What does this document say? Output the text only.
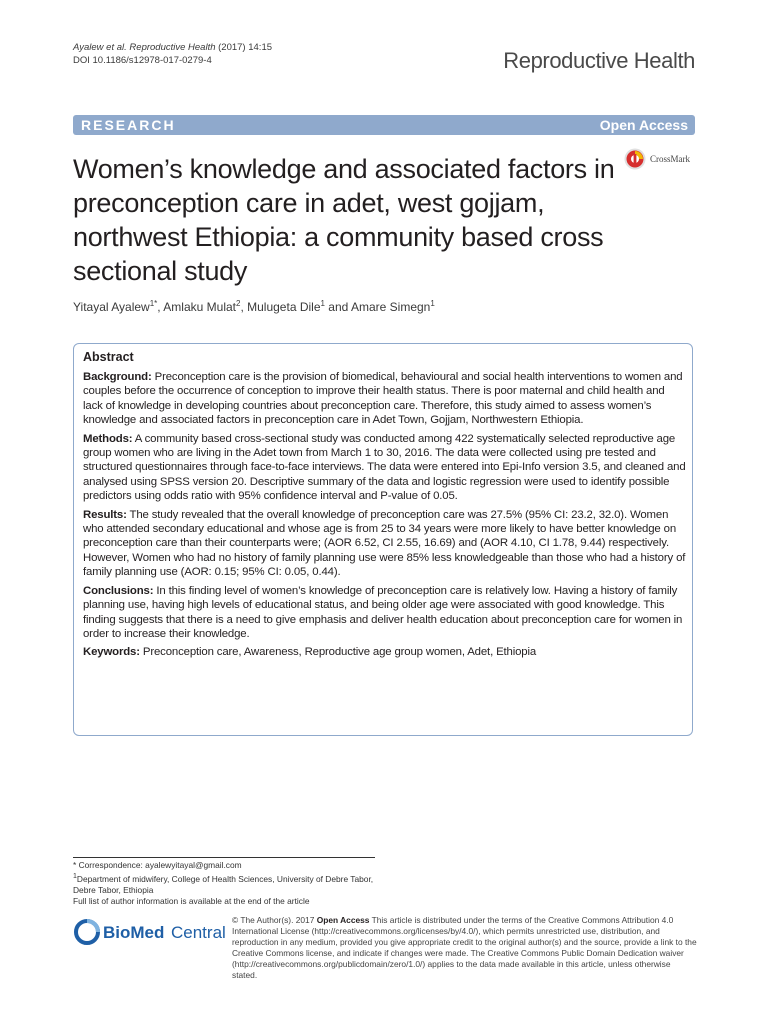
Ayalew et al. Reproductive Health (2017) 14:15
DOI 10.1186/s12978-017-0279-4	Reproductive Health
RESEARCH	Open Access
Women’s knowledge and associated factors in preconception care in adet, west gojjam, northwest Ethiopia: a community based cross sectional study
CrossMark
Yitayal Ayalew$^{1*}$, Amlaku Mulat$^2$, Mulugeta Dile$^1$ and Amare Simegn$^1$
Abstract

Background: Preconception care is the provision of biomedical, behavioural and social health interventions to women and couples before the occurrence of conception to improve their health status. There is poor maternal and child health and lack of knowledge in developing countries about preconception care. Therefore, this study aimed to assess women’s knowledge and associated factors in preconception care in Adet Town, Gojjam, Northwestern Ethiopia.

Methods: A community based cross-sectional study was conducted among 422 systematically selected reproductive age group women who are living in the Adet town from March 1 to 30, 2016. The data were collected using pre tested and structured questionnaires through face-to-face interviews. The data were entered into Epi-Info version 3.5, and cleaned and analysed using SPSS version 20. Descriptive summary of the data and logistic regression were used to identify possible predictors using odds ratio with 95% confidence interval and P-value of 0.05.

Results: The study revealed that the overall knowledge of preconception care was 27.5% (95% CI: 23.2, 32.0). Women who attended secondary educational and whose age is from 25 to 34 years were more likely to have better knowledge on preconception care than their counterparts were; (AOR 6.52, CI 2.55, 16.69) and (AOR 4.10, CI 1.78, 9.44) respectively. However, Women who had no history of family planning use were 85% less knowledgeable than those who had a history of family planning use (AOR: 0.15; 95% CI: 0.05, 0.44).

Conclusions: In this finding level of women’s knowledge of preconception care is relatively low. Having a history of family planning use, having high levels of educational status, and being older age were associated with good knowledge. This finding suggests that there is a need to give emphasis and deliver health education about preconception care for women in order to increase their knowledge.

Keywords: Preconception care, Awareness, Reproductive age group women, Adet, Ethiopia

* Correspondence: ayalewyitayal@gmail.com
$^1$Department of midwifery, College of Health Sciences, University of Debre Tabor, Debre Tabor, Ethiopia
Full list of author information is available at the end of the article
BioMed Central
© The Author(s). 2017 Open Access This article is distributed under the terms of the Creative Commons Attribution 4.0 International License (http://creativecommons.org/licenses/by/4.0/), which permits unrestricted use, distribution, and reproduction in any medium, provided you give appropriate credit to the original author(s) and the source, provide a link to the Creative Commons license, and indicate if changes were made. The Creative Commons Public Domain Dedication waiver (http://creativecommons.org/publicdomain/zero/1.0/) applies to the data made available in this article, unless otherwise stated.
